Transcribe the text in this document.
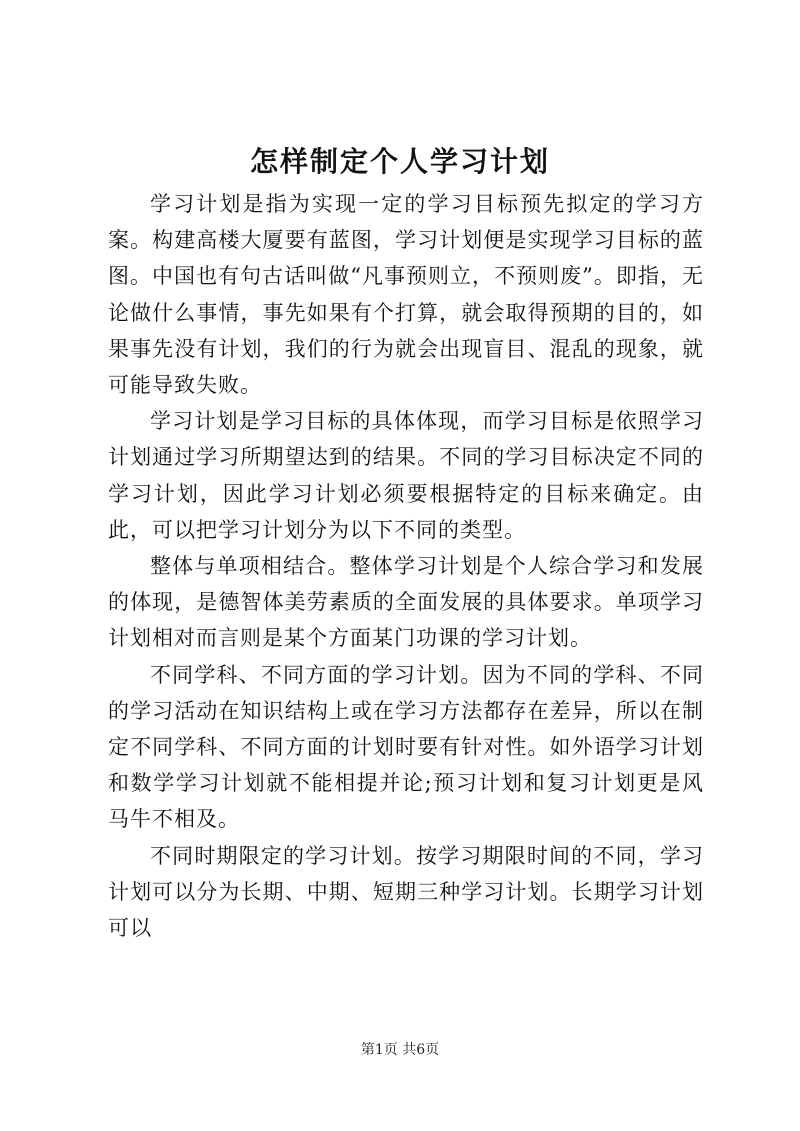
怎样制定个人学习计划

学习计划是指为实现一定的学习目标预先拟定的学习方案。构建高楼大厦要有蓝图，学习计划便是实现学习目标的蓝图。中国也有句古话叫做“凡事预则立，不预则废”。即指，无论做什么事情，事先如果有个打算，就会取得预期的目的，如果事先没有计划，我们的行为就会出现盲目、混乱的现象，就可能导致失败。

学习计划是学习目标的具体体现，而学习目标是依照学习计划通过学习所期望达到的结果。不同的学习目标决定不同的学习计划，因此学习计划必须要根据特定的目标来确定。由此，可以把学习计划分为以下不同的类型。

整体与单项相结合。整体学习计划是个人综合学习和发展的体现，是德智体美劳素质的全面发展的具体要求。单项学习计划相对而言则是某个方面某门功课的学习计划。

不同学科、不同方面的学习计划。因为不同的学科、不同的学习活动在知识结构上或在学习方法都存在差异，所以在制定不同学科、不同方面的计划时要有针对性。如外语学习计划和数学学习计划就不能相提并论;预习计划和复习计划更是风马牛不相及。

不同时期限定的学习计划。按学习期限时间的不同，学习计划可以分为长期、中期、短期三种学习计划。长期学习计划可以

第1页 共6页
